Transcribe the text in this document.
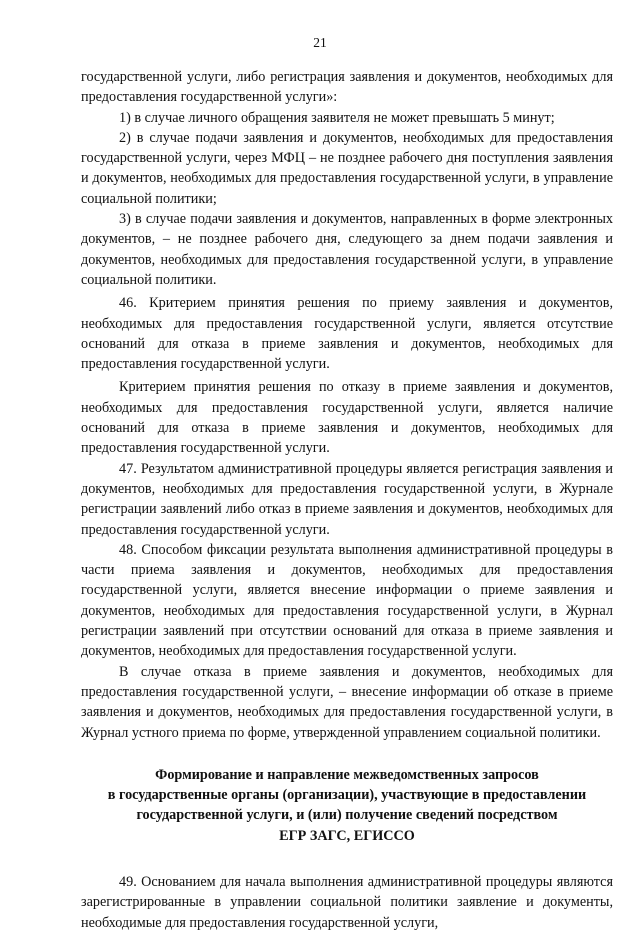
21

государственной услуги, либо регистрация заявления и документов, необходимых для предоставления государственной услуги»:

1) в случае личного обращения заявителя не может превышать 5 минут;

2) в случае подачи заявления и документов, необходимых для предоставления государственной услуги, через МФЦ – не позднее рабочего дня поступления заявления и документов, необходимых для предоставления государственной услуги, в управление социальной политики;

3) в случае подачи заявления и документов, направленных в форме электронных документов, – не позднее рабочего дня, следующего за днем подачи заявления и документов, необходимых для предоставления государственной услуги, в управление социальной политики.

46. Критерием принятия решения по приему заявления и документов, необходимых для предоставления государственной услуги, является отсутствие оснований для отказа в приеме заявления и документов, необходимых для предоставления государственной услуги.

Критерием принятия решения по отказу в приеме заявления и документов, необходимых для предоставления государственной услуги, является наличие оснований для отказа в приеме заявления и документов, необходимых для предоставления государственной услуги.

47. Результатом административной процедуры является регистрация заявления и документов, необходимых для предоставления государственной услуги, в Журнале регистрации заявлений либо отказ в приеме заявления и документов, необходимых для предоставления государственной услуги.

48. Способом фиксации результата выполнения административной процедуры в части приема заявления и документов, необходимых для предоставления государственной услуги, является внесение информации о приеме заявления и документов, необходимых для предоставления государственной услуги, в Журнал регистрации заявлений при отсутствии оснований для отказа в приеме заявления и документов, необходимых для предоставления государственной услуги.

В случае отказа в приеме заявления и документов, необходимых для предоставления государственной услуги, – внесение информации об отказе в приеме заявления и документов, необходимых для предоставления государственной услуги, в Журнал устного приема по форме, утвержденной управлением социальной политики.

Формирование и направление межведомственных запросов
в государственные органы (организации), участвующие в предоставлении
государственной услуги, и (или) получение сведений посредством
ЕГР ЗАГС, ЕГИССО

49. Основанием для начала выполнения административной процедуры являются зарегистрированные в управлении социальной политики заявление и документы, необходимые для предоставления государственной услуги,
